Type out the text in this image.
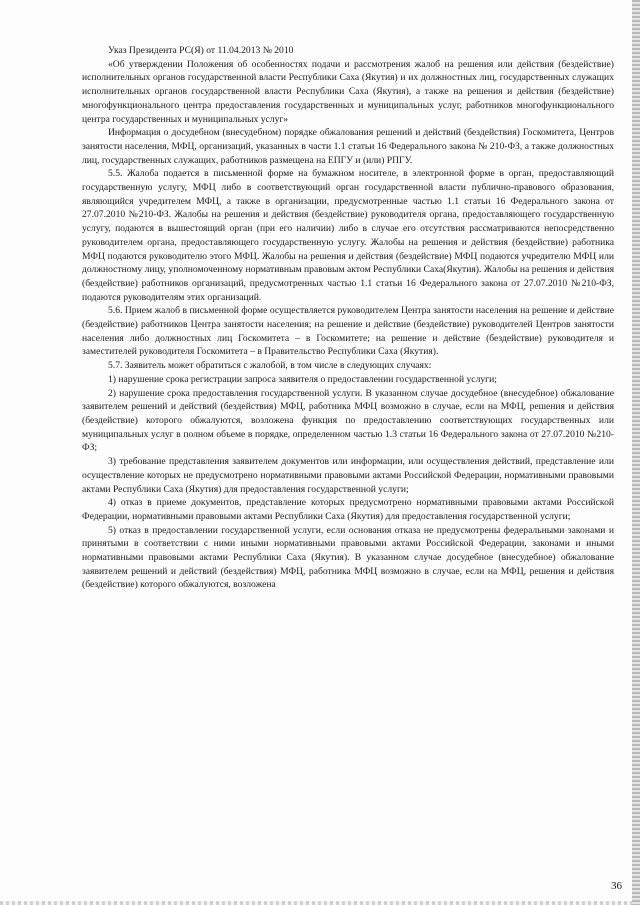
Указ Президента РС(Я) от 11.04.2013 № 2010

«Об утверждении Положения об особенностях подачи и рассмотрения жалоб на решения или действия (бездействие) исполнительных органов государственной власти Республики Саха (Якутия) и их должностных лиц, государственных служащих исполнительных органов государственной власти Республики Саха (Якутия), а также на решения и действия (бездействие) многофункционального центра предоставления государственных и муниципальных услуг, работников многофункционального центра государственных и муниципальных услуг»

Информация о досудебном (внесудебном) порядке обжалования решений и действий (бездействия) Госкомитета, Центров занятости населения, МФЦ, организаций, указанных в части 1.1 статьи 16 Федерального закона № 210-ФЗ, а также должностных лиц, государственных служащих, работников размещена на ЕПГУ и (или) РПГУ.

5.5. Жалоба подается в письменной форме на бумажном носителе, в электронной форме в орган, предоставляющий государственную услугу, МФЦ либо в соответствующий орган государственной власти публично-правового образования, являющийся учредителем МФЦ, а также в организации, предусмотренные частью 1.1 статьи 16 Федерального закона от 27.07.2010 №210-ФЗ. Жалобы на решения и действия (бездействие) руководителя органа, предоставляющего государственную услугу, подаются в вышестоящий орган (при его наличии) либо в случае его отсутствия рассматриваются непосредственно руководителем органа, предоставляющего государственную услугу. Жалобы на решения и действия (бездействие) работника МФЦ подаются руководителю этого МФЦ. Жалобы на решения и действия (бездействие) МФЦ подаются учредителю МФЦ или должностному лицу, уполномоченному нормативным правовым актом Республики Саха(Якутия). Жалобы на решения и действия (бездействие) работников организаций, предусмотренных частью 1.1 статьи 16 Федерального закона от 27.07.2010 №210-ФЗ, подаются руководителям этих организаций.

5.6. Прием жалоб в письменной форме осуществляется руководителем Центра занятости населения на решение и действие (бездействие) работников Центра занятости населения; на решение и действие (бездействие) руководителей Центров занятости населения либо должностных лиц Госкомитета – в Госкомитете; на решение и действие (бездействие) руководителя и заместителей руководителя Госкомитета – в Правительство Республики Саха (Якутия).

5.7. Заявитель может обратиться с жалобой, в том числе в следующих случаях:

1) нарушение срока регистрации запроса заявителя о предоставлении государственной услуги;

2) нарушение срока предоставления государственной услуги. В указанном случае досудебное (внесудебное) обжалование заявителем решений и действий (бездействия) МФЦ, работника МФЦ возможно в случае, если на МФЦ, решения и действия (бездействие) которого обжалуются, возложена функция по предоставлению соответствующих государственных или муниципальных услуг в полном объеме в порядке, определенном частью 1.3 статьи 16 Федерального закона от 27.07.2010 №210-ФЗ;

3) требование представления заявителем документов или информации, или осуществления действий, представление или осуществление которых не предусмотрено нормативными правовыми актами Российской Федерации, нормативными правовыми актами Республики Саха (Якутия) для предоставления государственной услуги;

4) отказ в приеме документов, представление которых предусмотрено нормативными правовыми актами Российской Федерации, нормативными правовыми актами Республики Саха (Якутия) для предоставления государственной услуги;

5) отказ в предоставлении государственной услуги, если основания отказа не предусмотрены федеральными законами и принятыми в соответствии с ними иными нормативными правовыми актами Российской Федерации, законами и иными нормативными правовыми актами Республики Саха (Якутия). В указанном случае досудебное (внесудебное) обжалование заявителем решений и действий (бездействия) МФЦ, работника МФЦ возможно в случае, если на МФЦ, решения и действия (бездействие) которого обжалуются, возложена

36
